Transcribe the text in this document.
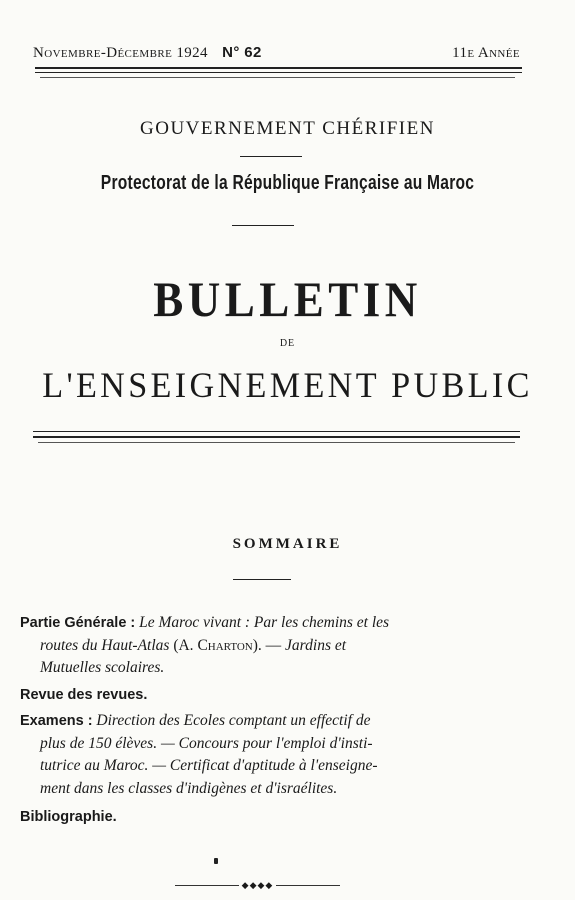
Novembre-Décembre 1924 N° 62	11e Année
GOUVERNEMENT CHÉRIFIEN
Protectorat de la République Française au Maroc
BULLETIN
DE
L'ENSEIGNEMENT PUBLIC
SOMMAIRE
Partie Générale : Le Maroc vivant : Par les chemins et les
routes du Haut-Atlas (A. Charton). — Jardins et
Mutuelles scolaires.
Revue des revues.
Examens : Direction des Ecoles comptant un effectif de
plus de 150 élèves. — Concours pour l'emploi d'insti-
tutrice au Maroc. — Certificat d'aptitude à l'enseigne-
ment dans les classes d'indigènes et d'israélites.
Bibliographie.
◆◆◆◆
